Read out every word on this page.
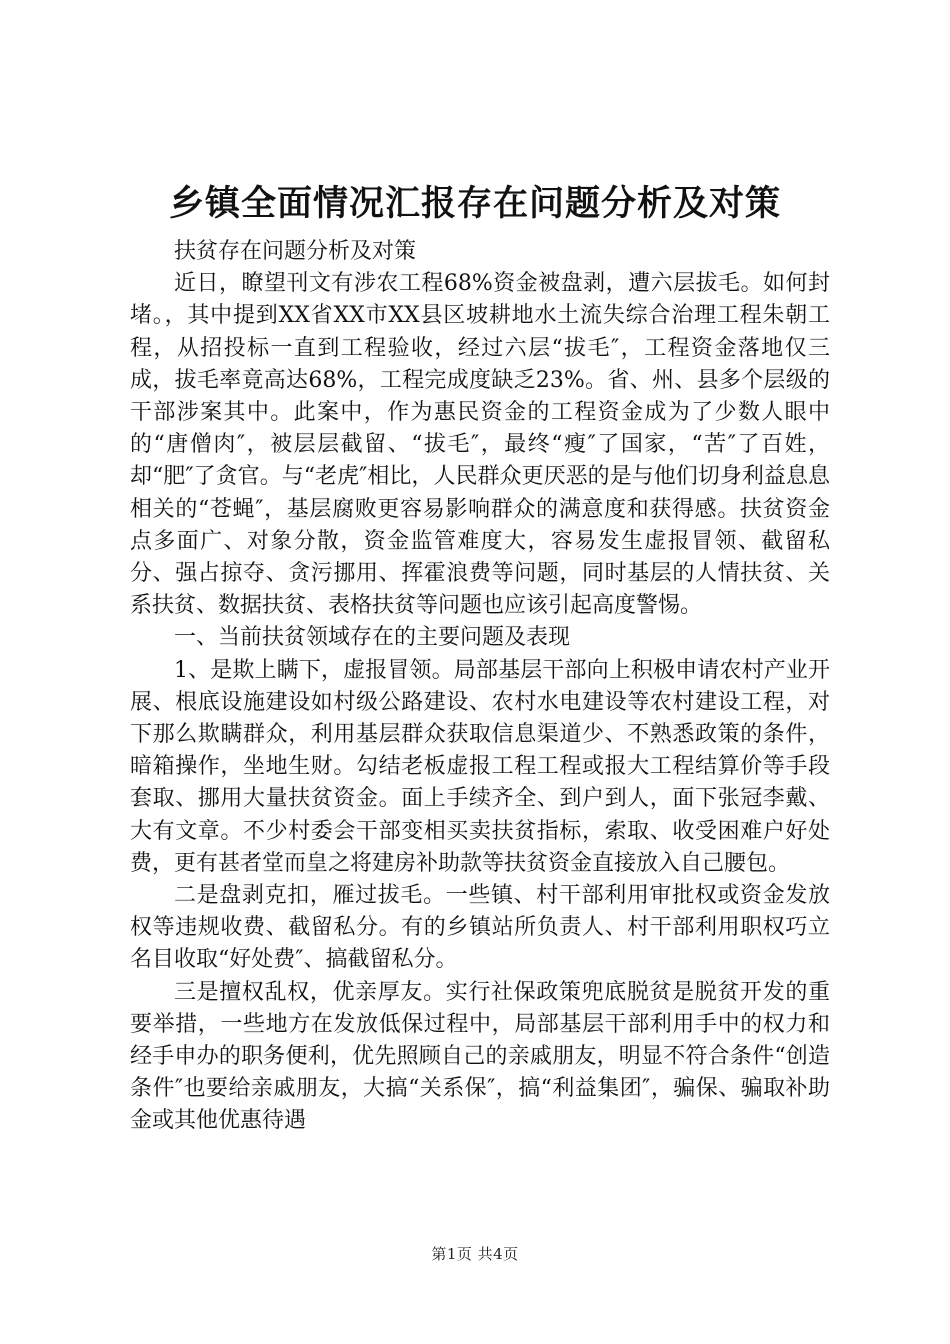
乡镇全面情况汇报存在问题分析及对策

扶贫存在问题分析及对策

近日，瞭望刊文有涉农工程68%资金被盘剥，遭六层拔毛。如何封堵。，其中提到XX省XX市XX县区坡耕地水土流失综合治理工程朱朝工程，从招投标一直到工程验收，经过六层“拔毛″，工程资金落地仅三成，拔毛率竟高达68%，工程完成度缺乏23%。省、州、县多个层级的干部涉案其中。此案中，作为惠民资金的工程资金成为了少数人眼中的“唐僧肉″，被层层截留、“拔毛″，最终“瘦″了国家，“苦″了百姓，却“肥″了贪官。与“老虎″相比，人民群众更厌恶的是与他们切身利益息息相关的“苍蝇″，基层腐败更容易影响群众的满意度和获得感。扶贫资金点多面广、对象分散，资金监管难度大，容易发生虚报冒领、截留私分、强占掠夺、贪污挪用、挥霍浪费等问题，同时基层的人情扶贫、关系扶贫、数据扶贫、表格扶贫等问题也应该引起高度警惕。

一、当前扶贫领域存在的主要问题及表现

1、是欺上瞒下，虚报冒领。局部基层干部向上积极申请农村产业开展、根底设施建设如村级公路建设、农村水电建设等农村建设工程，对下那么欺瞒群众，利用基层群众获取信息渠道少、不熟悉政策的条件，暗箱操作，坐地生财。勾结老板虚报工程工程或报大工程结算价等手段套取、挪用大量扶贫资金。面上手续齐全、到户到人，面下张冠李戴、大有文章。不少村委会干部变相买卖扶贫指标，索取、收受困难户好处费，更有甚者堂而皇之将建房补助款等扶贫资金直接放入自己腰包。

二是盘剥克扣，雁过拔毛。一些镇、村干部利用审批权或资金发放权等违规收费、截留私分。有的乡镇站所负责人、村干部利用职权巧立名目收取“好处费″、搞截留私分。

三是擅权乱权，优亲厚友。实行社保政策兜底脱贫是脱贫开发的重要举措，一些地方在发放低保过程中，局部基层干部利用手中的权力和经手申办的职务便利，优先照顾自己的亲戚朋友，明显不符合条件“创造条件″也要给亲戚朋友，大搞“关系保″，搞“利益集团″，骗保、骗取补助金或其他优惠待遇

第1页 共4页
